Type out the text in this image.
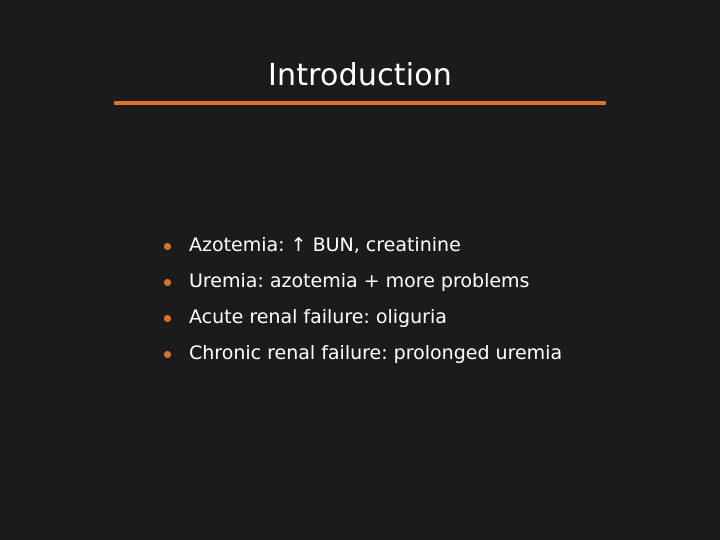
Introduction
Azotemia: ↑ BUN, creatinine
Uremia: azotemia + more problems
Acute renal failure: oliguria
Chronic renal failure: prolonged uremia
